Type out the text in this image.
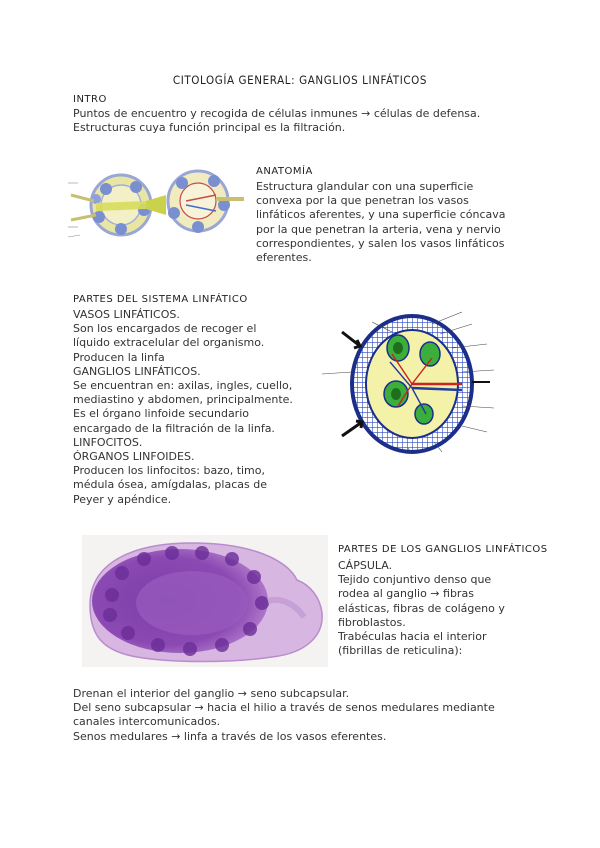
CITOLOGÍA GENERAL: GANGLIOS LINFÁTICOS
INTRO
Puntos de encuentro y recogida de células inmunes → células de defensa.
Estructuras cuya función principal es la filtración.
ANATOMÍA
Estructura glandular con una superficie
convexa por la que penetran los vasos
linfáticos aferentes, y una superficie cóncava
por la que penetran la arteria, vena y nervio
correspondientes, y salen los vasos linfáticos
eferentes.
PARTES DEL SISTEMA LINFÁTICO
VASOS LINFÁTICOS.
Son los encargados de recoger el
líquido extracelular del organismo.
Producen la linfa
GANGLIOS LINFÁTICOS.
Se encuentran en: axilas, ingles, cuello,
mediastino y abdomen, principalmente.
Es el órgano linfoide secundario
encargado de la filtración de la linfa.
LINFOCITOS.
ÓRGANOS LINFOIDES.
Producen los linfocitos: bazo, timo,
médula ósea, amígdalas, placas de
Peyer y apéndice.
PARTES DE LOS GANGLIOS LINFÁTICOS
CÁPSULA.
Tejido conjuntivo denso que
rodea al ganglio → fibras
elásticas, fibras de colágeno y
fibroblastos.
Trabéculas hacia el interior
(fibrillas de reticulina):
Drenan el interior del ganglio → seno subcapsular.
Del seno subcapsular → hacia el hilio a través de senos medulares mediante
canales intercomunicados.
Senos medulares → linfa a través de los vasos eferentes.
